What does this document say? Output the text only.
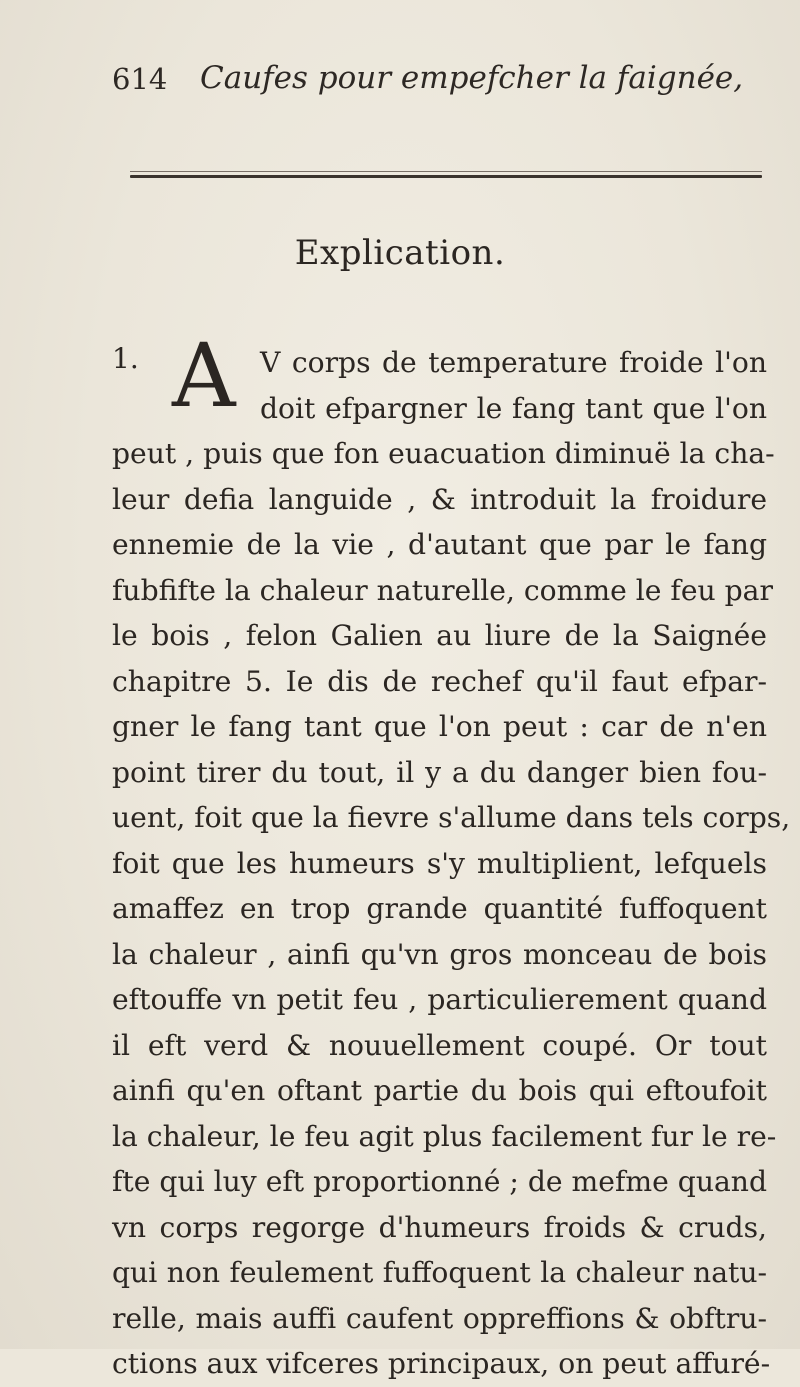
614 Caufes pour empefcher la faignée,
Explication.
1. A V corps de temperature froide l'on
doit efpargner le fang tant que l'on
peut , puis que fon euacuation diminuë la cha-
leur defia languide , & introduit la froidure
ennemie de la vie , d'autant que par le fang
fubfifte la chaleur naturelle, comme le feu par
le bois , felon Galien au liure de la Saignée
chapitre 5. Ie dis de rechef qu'il faut efpar-
gner le fang tant que l'on peut : car de n'en
point tirer du tout, il y a du danger bien fou-
uent, foit que la fievre s'allume dans tels corps,
foit que les humeurs s'y multiplient, lefquels
amaffez en trop grande quantité fuffoquent
la chaleur , ainfi qu'vn gros monceau de bois
eftouffe vn petit feu , particulierement quand
il eft verd & nouuellement coupé. Or tout
ainfi qu'en oftant partie du bois qui eftoufoit
la chaleur, le feu agit plus facilement fur le re-
fte qui luy eft proportionné ; de mefme quand
vn corps regorge d'humeurs froids & cruds,
qui non feulement fuffoquent la chaleur natu-
relle, mais auffi caufent oppreffions & obftru-
ctions aux vifceres principaux, on peut affuré-
